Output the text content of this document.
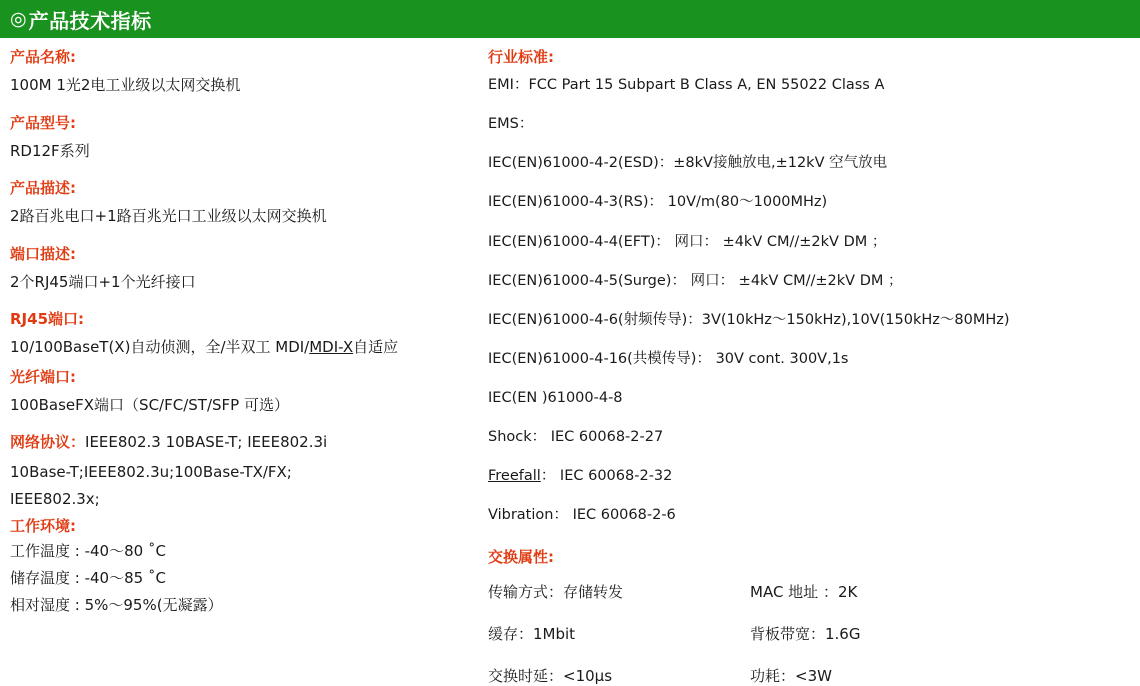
◎ 产品技术指标
产品名称:
100M 1光2电工业级以太网交换机
产品型号:
RD12F系列
产品描述:
2路百兆电口+1路百兆光口工业级以太网交换机
端口描述:
2个RJ45端口+1个光纤接口
RJ45端口:
10/100BaseT(X)自动侦测，全/半双工 MDI/MDI-X自适应
光纤端口:
100BaseFX端口（SC/FC/ST/SFP 可选）
网络协议：IEEE802.3 10BASE-T; IEEE802.3i
10Base-T;IEEE802.3u;100Base-TX/FX;
IEEE802.3x;
工作环境:
工作温度 : -40～80 ˚C
储存温度 : -40～85 ˚C
相对湿度 : 5%～95%(无凝露）
行业标准:
EMI：FCC Part 15 Subpart B Class A, EN 55022 Class A
EMS：
IEC(EN)61000-4-2(ESD)：±8kV接触放电,±12kV 空气放电
IEC(EN)61000-4-3(RS)： 10V/m(80～1000MHz)
IEC(EN)61000-4-4(EFT)： 网口： ±4kV CM//±2kV DM ；
IEC(EN)61000-4-5(Surge)： 网口： ±4kV CM//±2kV DM ；
IEC(EN)61000-4-6(射频传导)：3V(10kHz～150kHz),10V(150kHz～80MHz)
IEC(EN)61000-4-16(共模传导)： 30V cont. 300V,1s
IEC(EN )61000-4-8
Shock： IEC 60068-2-27
Freefall： IEC 60068-2-32
Vibration： IEC 60068-2-6
交换属性:
传输方式：存储转发	MAC 地址 ：2K
缓存：1Mbit	背板带宽：1.6G
交换时延：<10μs	功耗：<3W
